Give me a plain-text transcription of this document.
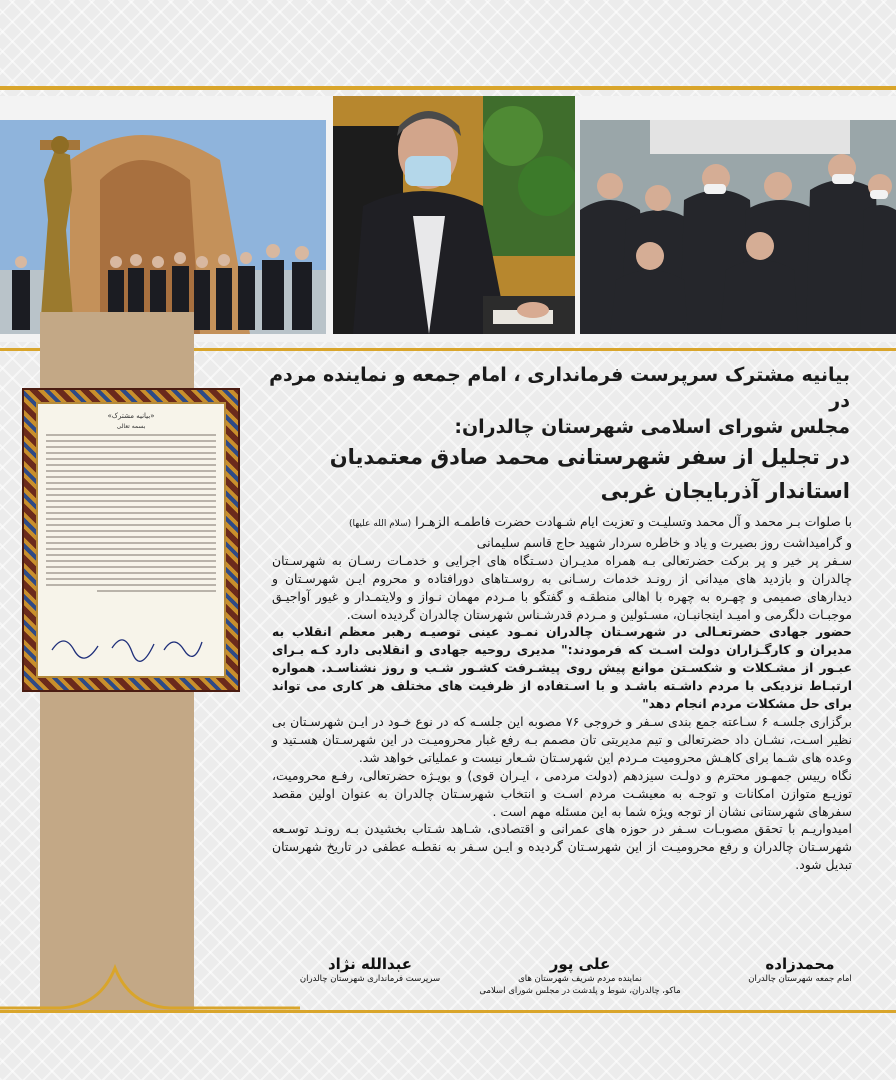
«بیانیه مشترک»
بسمه تعالی
بیانیه مشترک سرپرست فرمانداری ، امام جمعه و نماینده مردم در
مجلس شورای اسلامی شهرستان چالدران:
در تجلیل از سفر شهرستانی محمد صادق معتمدیان
استاندار آذربایجان غربی

با صلوات بـر محمد و آل محمد وتسلیـت و تعزیت ایام شـهادت حضرت فاطمـه الزهـرا (سلام الله علیها)

و گرامیداشت روز بصیرت و یاد و خاطره سردار شهید حاج قاسم سلیمانی

سـفر پر خیر و پر برکت حضرتعالی بـه همراه مدیـران دسـتگاه های اجرایی و خدمـات رسـان به شهرسـتان چالدران و بازدید های میدانی از رونـد خدمات رسـانی به روسـتاهای دورافتاده و محروم ایـن شهرسـتان و دیدارهای صمیمی و چهـره به چهره با اهالی منطقـه و گفتگو با مـردم مهمان نـواز و ولایتمـدار و غیور آواجیـق موجبـات دلگرمی و امیـد اینجانبـان، مسـئولین و مـردم قدرشـناس شهرستان چالدران گردیده است.

حضور جهادی حضرتعـالی در شهرسـتان چالدران نمـود عینی توصیـه رهبر معظم انقلاب به مدیران و کارگـزاران دولت اسـت که فرمودند:" مدیری روحیه جهادی و انقلابی دارد کـه بـرای عبـور از مشـکلات و شکسـتن موانع پیش روی پیشـرفت کشـور شـب و روز نشناسـد. همواره ارتبـاط نزدیکی با مردم داشـته باشـد و با اسـتفاده از ظرفیت های مختلف هر کاری می تواند برای حل مشکلات مردم انجام دهد"

برگزاری جلسـه ۶ سـاعته جمع بندی سـفر و خروجی ۷۶ مصوبه این جلسـه که در نوع خـود در ایـن شهرسـتان بی نظیر اسـت، نشـان داد حضرتعالی و تیم مدیریتی تان مصمم بـه رفع غبار محرومیـت در این شهرسـتان هسـتید و وعده های شـما برای کاهـش محرومیت مـردم این شهرسـتان شـعار نیست و عملیاتی خواهد شد.

نگاه رییس جمهـور محترم و دولـت سیزدهم (دولت مردمی ، ایـران قوی) و بویـژه حضرتعالی، رفـع محرومیت، توزیـع متوازن امکانات و توجـه به معیشـت مردم اسـت و انتخاب شهرسـتان چالدران به عنوان اولین مقصد سفرهای شهرستانی نشان از توجه ویژه شما به این مسئله مهم است .

امیدواریـم با تحقق مصوبـات سـفر در حوزه های عمرانی و اقتصادی، شـاهد شـتاب بخشیدن بـه رونـد توسـعه شهرسـتان چالدران و رفع محرومیـت از این شهرسـتان گردیده و ایـن سـفر به نقطـه عطفی در تاریخ شهرستان تبدیل شود.

محمدزاده
امام جمعه شهرستان چالدران
علی پور
نماینده مردم شریف شهرستان های
ماکو، چالدران، شوط و پلدشت در مجلس شورای اسلامی
عبدالله نژاد
سرپرست فرمانداری شهرستان چالدران
